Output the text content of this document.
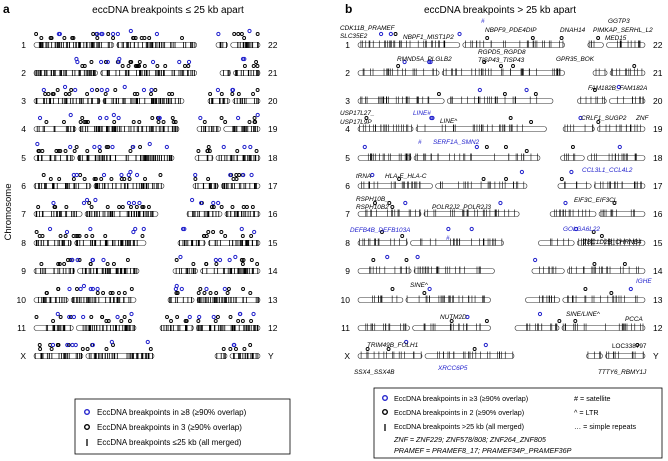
a	eccDNA breakpoints ≤ 25 kb apart
Chromosome
1	22
2	21
3	20
4	19
5	18
6	17
7	16
8	15
9	14
10	13
11	12
X	Y
b	eccDNA breakpoints > 25 kb apart
1	22
2	21
3	20
4	19
5	18
6	17
7	16
8	15
9	14
10	13
11	12
X	Y
CDK11B_PRAMEF
SLC35E2	NBPF1_MIST1P2
#
NBPF9_PDE4DIP	DNAH14
GGTP3
PIMKAP_SERHL_L2
MED15
RGPD5_RGPD8
RMND5A_PLGLB2	TISP43_TISP43	GPR35_BOK
FAM182B_FAM182A
USP17L27_
USP17L9P
LINE#
LINE^	CRLF1_SUGP2 ZNF
# SERF1A_SMN2
CCL3L1_CCL4L2
tRNA HLA-E_HLA-C
RSPH10B_
RSPH10B2	POLR2J2_POLR2J3
EIF3C_EIF3CL
GOLGA6L22
DEFB4B_DEFB103A
#
TBC1D2B_CHRNB4
IGHE
SINE^
NUTM2D	SINE/LINE^
PCCA
TRIM49B_FOLH1	LOC338797
SSX4_SSX4B
XRCC6P5
TTTY6_RBMY1J
EccDNA breakpoints in ≥8 (≥90% overlap)
EccDNA breakpoints in 3 (≥90% overlap)
EccDNA breakpoints ≤25 kb (all merged)
EccDNA breakpoints in ≥3 (≥90% overlap)	# = satellite
EccDNA breakpoints in 2 (≥90% overlap)	^ = LTR
EccDNA breakpoints >25 kb (all merged)	… = simple repeats
ZNF = ZNF229; ZNF578/808; ZNF264_ZNF805
PRAMEF = PRAMEF8_17; PRAMEF34P_PRAMEF36P
